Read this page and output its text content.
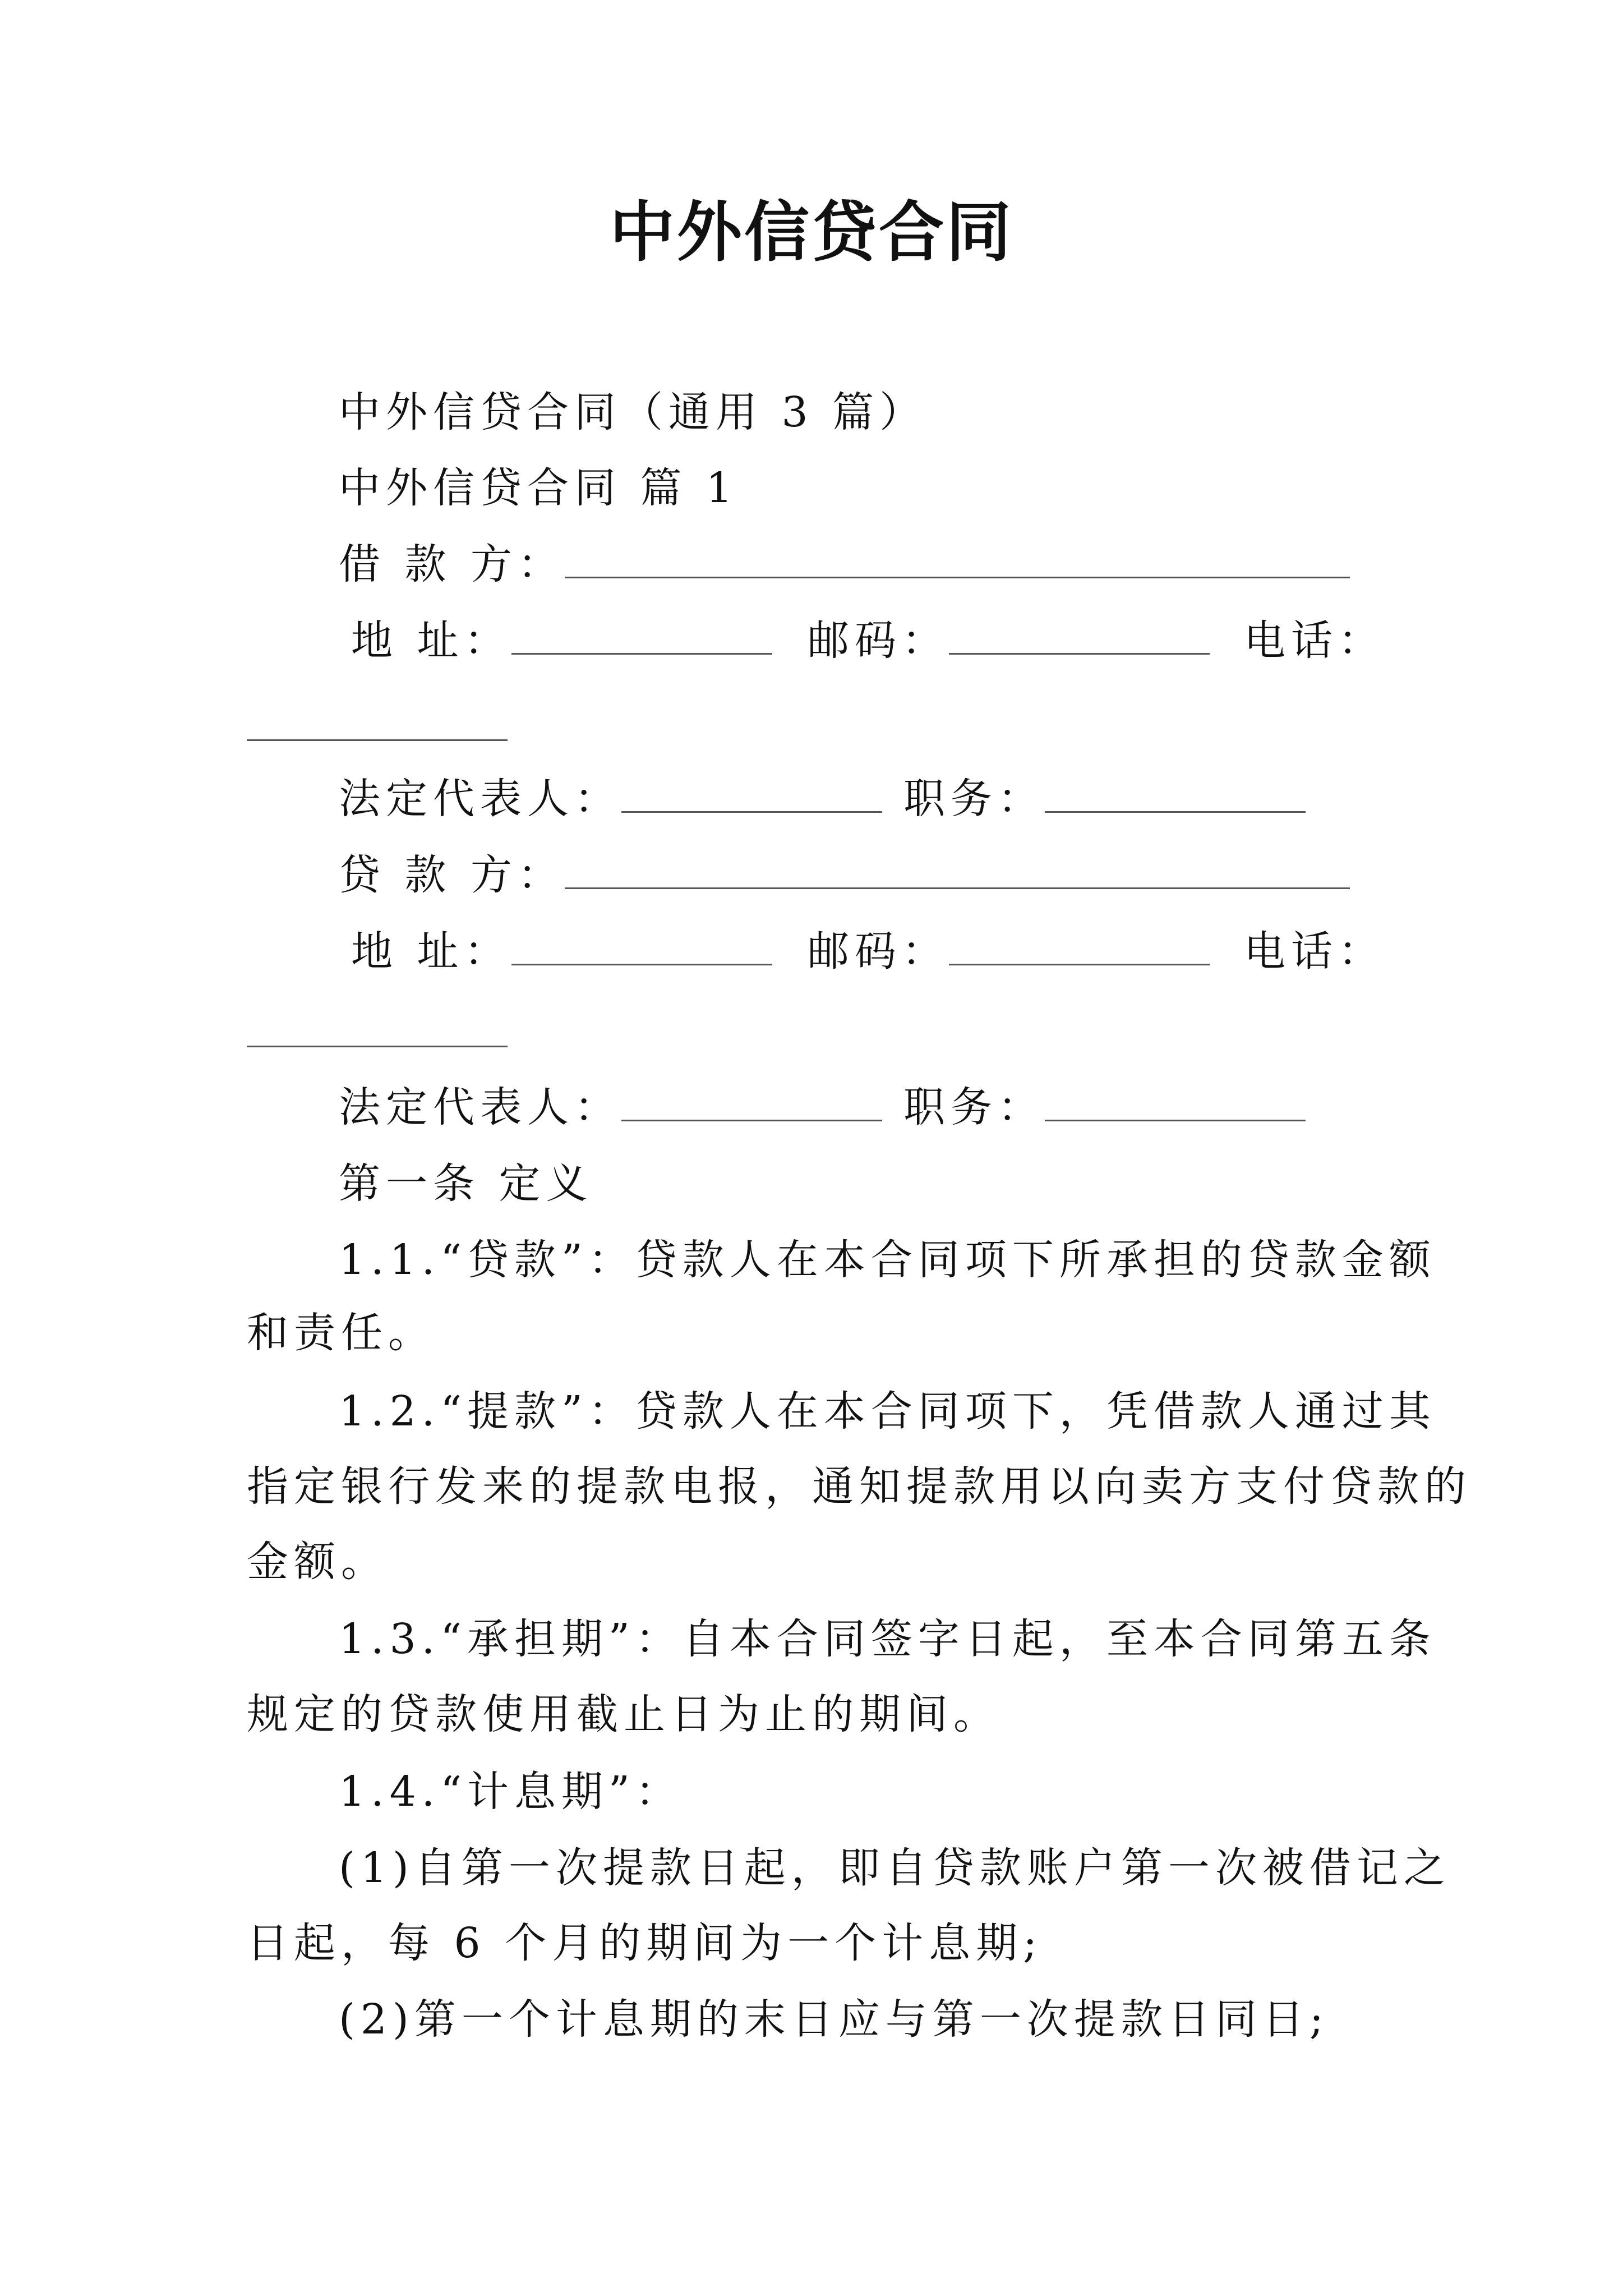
中外信贷合同
中外信贷合同（通用 3 篇）
中外信贷合同 篇 1
借 款 方：
地 址：	邮码：	电话：
法定代表人：	职务：
贷 款 方：
地 址：	邮码：	电话：
法定代表人：	职务：
第一条 定义
1.1.“贷款”：贷款人在本合同项下所承担的贷款金额
和责任。
1.2.“提款”：贷款人在本合同项下，凭借款人通过其
指定银行发来的提款电报，通知提款用以向卖方支付贷款的
金额。
1.3.“承担期”：自本合同签字日起，至本合同第五条
规定的贷款使用截止日为止的期间。
1.4.“计息期”：
(1)自第一次提款日起，即自贷款账户第一次被借记之
日起，每 6 个月的期间为一个计息期;
(2)第一个计息期的末日应与第一次提款日同日;
